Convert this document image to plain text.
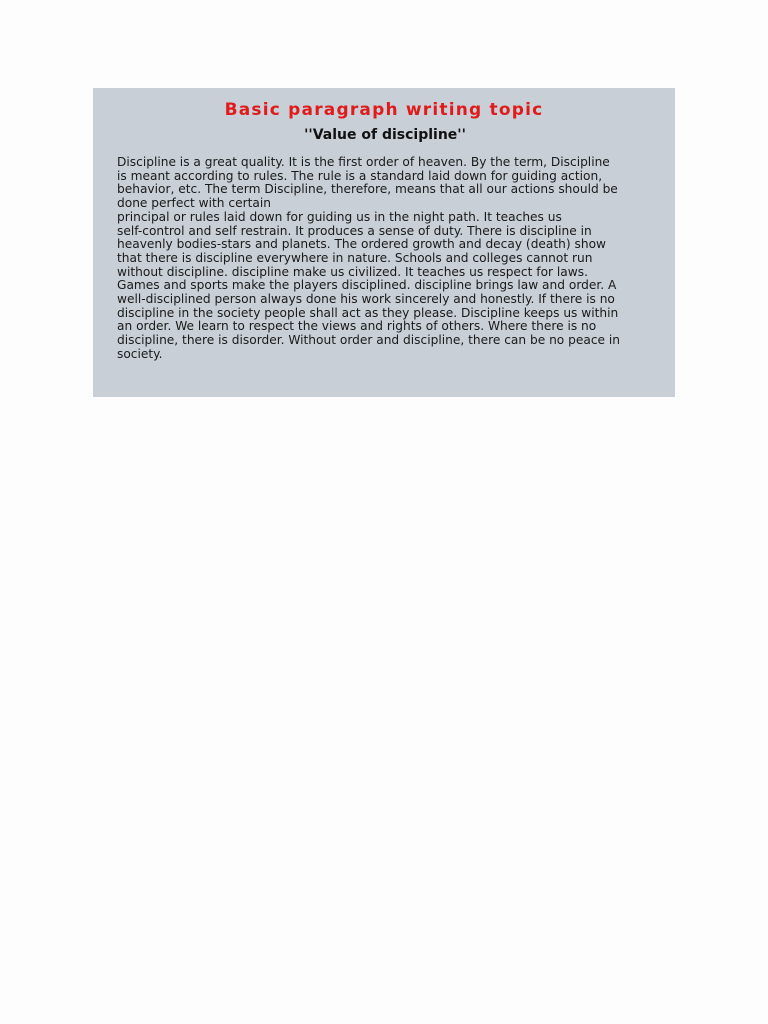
Basic paragraph writing topic
''Value of discipline''

Discipline is a great quality. It is the first order of heaven. By the term, Discipline
is meant according to rules. The rule is a standard laid down for guiding action,
behavior, etc. The term Discipline, therefore, means that all our actions should be
done perfect with certain
principal or rules laid down for guiding us in the night path. It teaches us
self-control and self restrain. It produces a sense of duty. There is discipline in
heavenly bodies-stars and planets. The ordered growth and decay (death) show
that there is discipline everywhere in nature. Schools and colleges cannot run
without discipline. discipline make us civilized. It teaches us respect for laws.
Games and sports make the players disciplined. discipline brings law and order. A
well-disciplined person always done his work sincerely and honestly. If there is no
discipline in the society people shall act as they please. Discipline keeps us within
an order. We learn to respect the views and rights of others. Where there is no
discipline, there is disorder. Without order and discipline, there can be no peace in
society.
